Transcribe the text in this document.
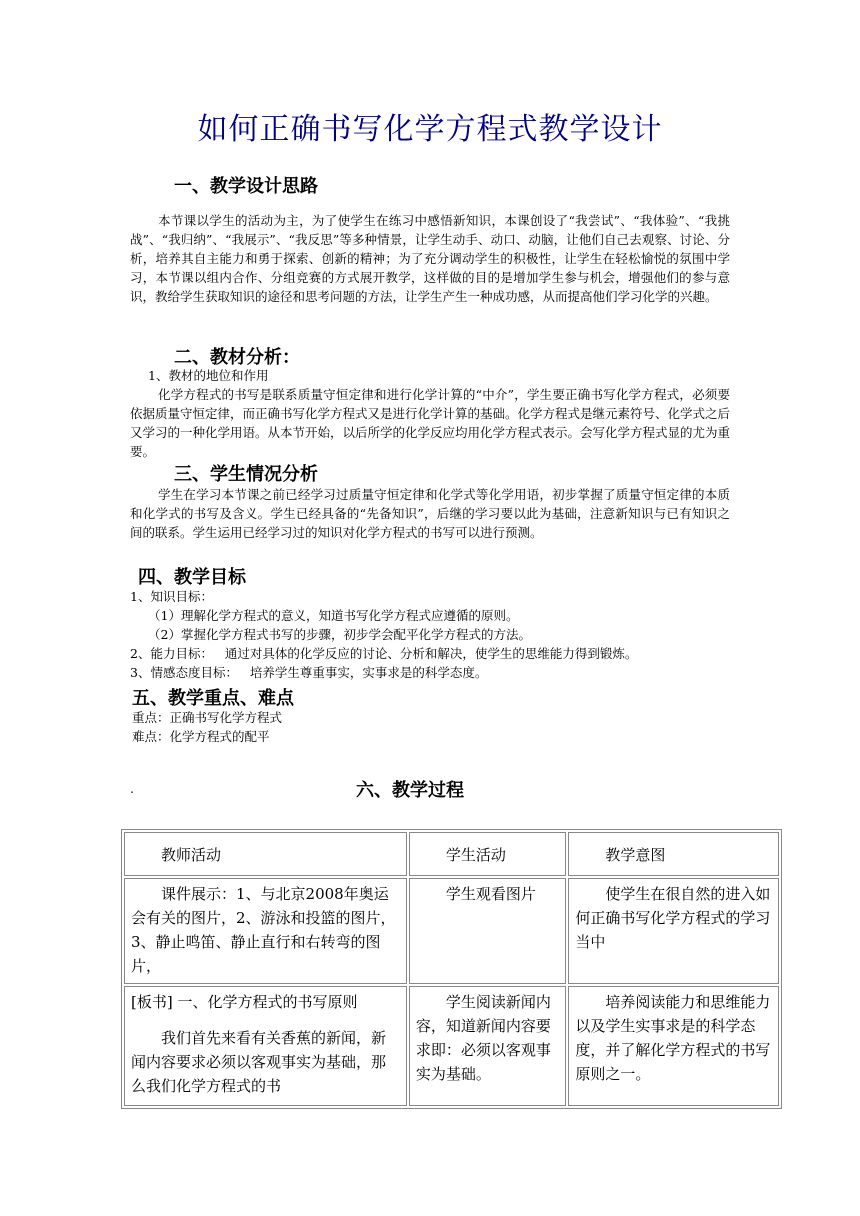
如何正确书写化学方程式教学设计
一、教学设计思路
本节课以学生的活动为主，为了使学生在练习中感悟新知识，本课创设了“我尝试”、“我体验”、“我挑战”、“我归纳”、“我展示”、“我反思”等多种情景，让学生动手、动口、动脑，让他们自己去观察、讨论、分析，培养其自主能力和勇于探索、创新的精神；为了充分调动学生的积极性，让学生在轻松愉悦的氛围中学习，本节课以组内合作、分组竞赛的方式展开教学，这样做的目的是增加学生参与机会，增强他们的参与意识，教给学生获取知识的途径和思考问题的方法，让学生产生一种成功感，从而提高他们学习化学的兴趣。
二、教材分析：
1、教材的地位和作用
化学方程式的书写是联系质量守恒定律和进行化学计算的“中介”，学生要正确书写化学方程式，必须要依据质量守恒定律，而正确书写化学方程式又是进行化学计算的基础。化学方程式是继元素符号、化学式之后又学习的一种化学用语。从本节开始，以后所学的化学反应均用化学方程式表示。会写化学方程式显的尤为重要。
三、学生情况分析
学生在学习本节课之前已经学习过质量守恒定律和化学式等化学用语，初步掌握了质量守恒定律的本质和化学式的书写及含义。学生已经具备的“先备知识”，后继的学习要以此为基础，注意新知识与已有知识之间的联系。学生运用已经学习过的知识对化学方程式的书写可以进行预测。
四、教学目标
1、知识目标：
（1）理解化学方程式的意义，知道书写化学方程式应遵循的原则。
（2）掌握化学方程式书写的步骤，初步学会配平化学方程式的方法。
2、能力目标：   通过对具体的化学反应的讨论、分析和解决，使学生的思维能力得到锻炼。
3、情感态度目标：   培养学生尊重事实，实事求是的科学态度。
五、教学重点、难点
重点：正确书写化学方程式
难点：化学方程式的配平
.	六、教学过程
教师活动	学生活动	教学意图
课件展示：1、与北京2008年奥运会有关的图片，2、游泳和投篮的图片，3、静止鸣笛、静止直行和右转弯的图片，	学生观看图片	使学生在很自然的进入如何正确书写化学方程式的学习当中

[板书] 一、化学方程式的书写原则

我们首先来看有关香蕉的新闻，新闻内容要求必须以客观事实为基础，那么我们化学方程式的书	学生阅读新闻内容，知道新闻内容要求即：必须以客观事实为基础。	培养阅读能力和思维能力以及学生实事求是的科学态度，并了解化学方程式的书写原则之一。
